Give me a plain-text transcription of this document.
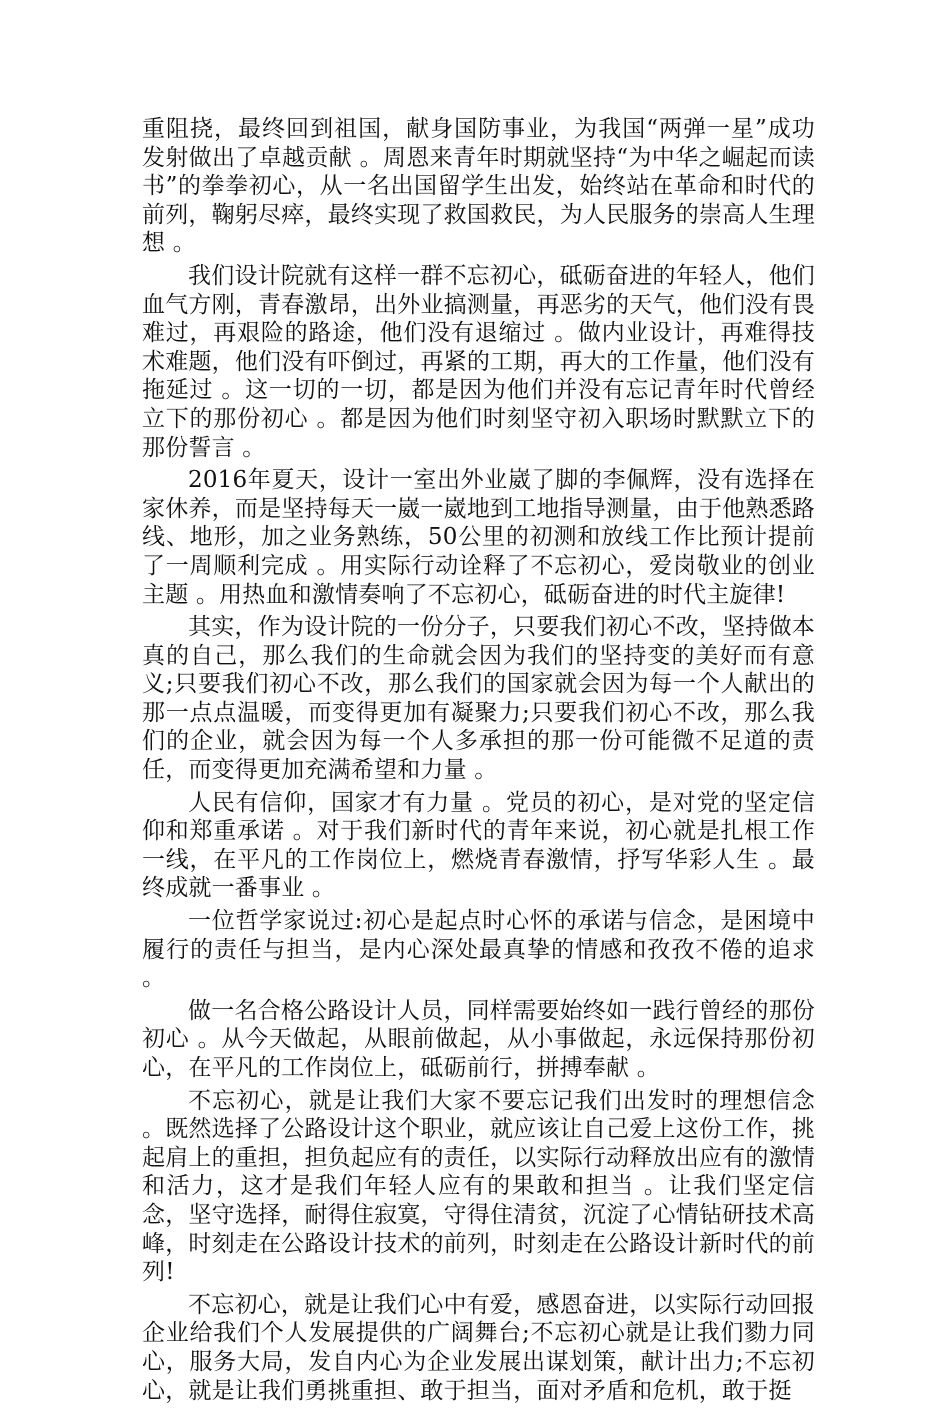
重阻挠，最终回到祖国，献身国防事业，为我国“两弹一星”成功发射做出了卓越贡献 。周恩来青年时期就坚持“为中华之崛起而读书”的拳拳初心，从一名出国留学生出发，始终站在革命和时代的前列，鞠躬尽瘁，最终实现了救国救民，为人民服务的崇高人生理想 。

我们设计院就有这样一群不忘初心，砥砺奋进的年轻人，他们血气方刚，青春激昂，出外业搞测量，再恶劣的天气，他们没有畏难过，再艰险的路途，他们没有退缩过 。做内业设计，再难得技术难题，他们没有吓倒过，再紧的工期，再大的工作量，他们没有拖延过 。这一切的一切，都是因为他们并没有忘记青年时代曾经立下的那份初心 。都是因为他们时刻坚守初入职场时默默立下的那份誓言 。

2016年夏天，设计一室出外业崴了脚的李佩辉，没有选择在家休养，而是坚持每天一崴一崴地到工地指导测量，由于他熟悉路线、地形，加之业务熟练，50公里的初测和放线工作比预计提前了一周顺利完成 。用实际行动诠释了不忘初心，爱岗敬业的创业主题 。用热血和激情奏响了不忘初心，砥砺奋进的时代主旋律!

其实，作为设计院的一份分子，只要我们初心不改，坚持做本真的自己，那么我们的生命就会因为我们的坚持变的美好而有意义;只要我们初心不改，那么我们的国家就会因为每一个人献出的那一点点温暖，而变得更加有凝聚力;只要我们初心不改，那么我们的企业，就会因为每一个人多承担的那一份可能微不足道的责任，而变得更加充满希望和力量 。

人民有信仰，国家才有力量 。党员的初心，是对党的坚定信仰和郑重承诺 。对于我们新时代的青年来说，初心就是扎根工作一线，在平凡的工作岗位上，燃烧青春激情，抒写华彩人生 。最终成就一番事业 。

一位哲学家说过:初心是起点时心怀的承诺与信念，是困境中履行的责任与担当，是内心深处最真挚的情感和孜孜不倦的追求 。

做一名合格公路设计人员，同样需要始终如一践行曾经的那份初心 。从今天做起，从眼前做起，从小事做起，永远保持那份初心，在平凡的工作岗位上，砥砺前行，拼搏奉献 。

不忘初心，就是让我们大家不要忘记我们出发时的理想信念 。既然选择了公路设计这个职业，就应该让自己爱上这份工作，挑起肩上的重担，担负起应有的责任，以实际行动释放出应有的激情和活力，这才是我们年轻人应有的果敢和担当 。让我们坚定信念，坚守选择，耐得住寂寞，守得住清贫，沉淀了心情钻研技术高峰，时刻走在公路设计技术的前列，时刻走在公路设计新时代的前列!

不忘初心，就是让我们心中有爱，感恩奋进，以实际行动回报企业给我们个人发展提供的广阔舞台;不忘初心就是让我们勠力同心，服务大局，发自内心为企业发展出谋划策，献计出力;不忘初心，就是让我们勇挑重担、敢于担当，面对矛盾和危机，敢于挺
